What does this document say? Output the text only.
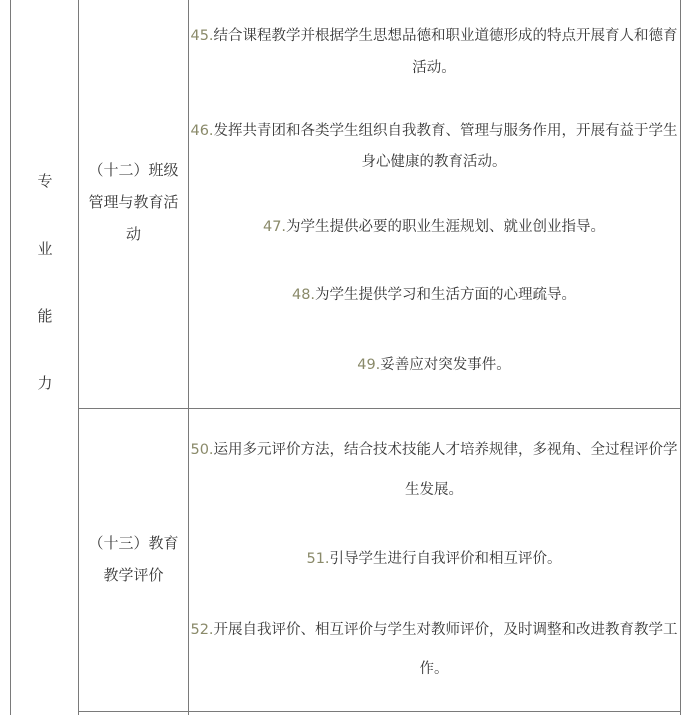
专
业
能
力
（十二）班级
管理与教育活
动
45.结合课程教学并根据学生思想品德和职业道德形成的特点开展育人和德育
活动。
46.发挥共青团和各类学生组织自我教育、管理与服务作用，开展有益于学生
身心健康的教育活动。
47.为学生提供必要的职业生涯规划、就业创业指导。
48.为学生提供学习和生活方面的心理疏导。
49.妥善应对突发事件。
（十三）教育
教学评价
50.运用多元评价方法，结合技术技能人才培养规律，多视角、全过程评价学
生发展。
51.引导学生进行自我评价和相互评价。
52.开展自我评价、相互评价与学生对教师评价，及时调整和改进教育教学工
作。
